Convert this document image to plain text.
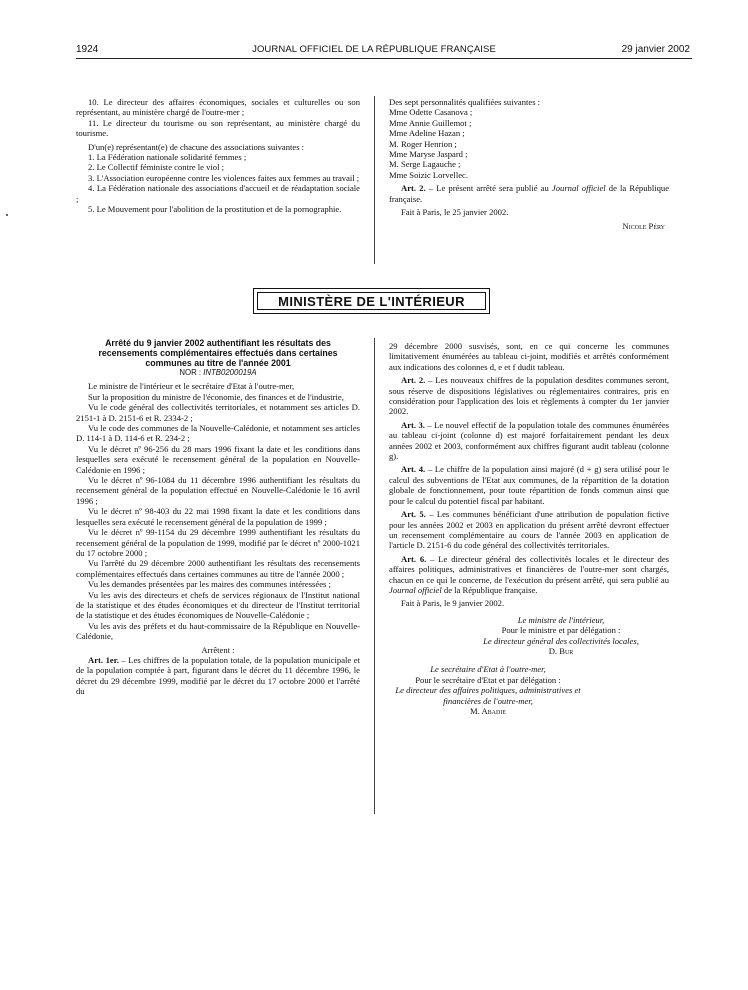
1924	JOURNAL OFFICIEL DE LA RÉPUBLIQUE FRANÇAISE	29 janvier 2002

10. Le directeur des affaires économiques, sociales et culturelles ou son représentant, au ministère chargé de l'outre-mer ;

11. Le directeur du tourisme ou son représentant, au ministère chargé du tourisme.

D'un(e) représentant(e) de chacune des associations suivantes :

1. La Fédération nationale solidarité femmes ;

2. Le Collectif féministe contre le viol ;

3. L'Association européenne contre les violences faites aux femmes au travail ;

4. La Fédération nationale des associations d'accueil et de réadaptation sociale ;

5. Le Mouvement pour l'abolition de la prostitution et de la pornographie.

Des sept personnalités qualifiées suivantes :

Mme Odette Casanova ;

Mme Annie Guillemot ;

Mme Adeline Hazan ;

M. Roger Henrion ;

Mme Maryse Jaspard ;

M. Serge Lagauche ;

Mme Soizic Lorvellec.

Art. 2. – Le présent arrêté sera publié au Journal officiel de la République française.

Fait à Paris, le 25 janvier 2002.

Nicole Péry

MINISTÈRE DE L'INTÉRIEUR

Arrêté du 9 janvier 2002 authentifiant les résultats des recensements complémentaires effectués dans certaines communes au titre de l'année 2001

NOR : INTB0200019A

Le ministre de l'intérieur et le secrétaire d'Etat à l'outre-mer,

Sur la proposition du ministre de l'économie, des finances et de l'industrie,

Vu le code général des collectivités territoriales, et notamment ses articles D. 2151-1 à D. 2151-6 et R. 2334-2 ;

Vu le code des communes de la Nouvelle-Calédonie, et notamment ses articles D. 114-1 à D. 114-6 et R. 234-2 ;

Vu le décret nº 96-256 du 28 mars 1996 fixant la date et les conditions dans lesquelles sera exécuté le recensement général de la population en Nouvelle-Calédonie en 1996 ;

Vu le décret nº 96-1084 du 11 décembre 1996 authentifiant les résultats du recensement général de la population effectué en Nouvelle-Calédonie le 16 avril 1996 ;

Vu le décret nº 98-403 du 22 mai 1998 fixant la date et les conditions dans lesquelles sera exécuté le recensement général de la population de 1999 ;

Vu le décret nº 99-1154 du 29 décembre 1999 authentifiant les résultats du recensement général de la population de 1999, modifié par le décret nº 2000-1021 du 17 octobre 2000 ;

Vu l'arrêté du 29 décembre 2000 authentifiant les résultats des recensements complémentaires effectués dans certaines communes au titre de l'année 2000 ;

Vu les demandes présentées par les maires des communes intéressées ;

Vu les avis des directeurs et chefs de services régionaux de l'Institut national de la statistique et des études économiques et du directeur de l'Institut territorial de la statistique et des études économiques de Nouvelle-Calédonie ;

Vu les avis des préfets et du haut-commissaire de la République en Nouvelle-Calédonie,

Arrêtent :

Art. 1er. – Les chiffres de la population totale, de la population municipale et de la population comptée à part, figurant dans le décret du 11 décembre 1996, le décret du 29 décembre 1999, modifié par le décret du 17 octobre 2000 et l'arrêté du

29 décembre 2000 susvisés, sont, en ce qui concerne les communes limitativement énumérées au tableau ci-joint, modifiés et arrêtés conformément aux indications des colonnes d, e et f dudit tableau.

Art. 2. – Les nouveaux chiffres de la population desdites communes seront, sous réserve de dispositions législatives ou réglementaires contraires, pris en considération pour l'application des lois et règlements à compter du 1er janvier 2002.

Art. 3. – Le nouvel effectif de la population totale des communes énumérées au tableau ci-joint (colonne d) est majoré forfaitairement pendant les deux années 2002 et 2003, conformément aux chiffres figurant audit tableau (colonne g).

Art. 4. – Le chiffre de la population ainsi majoré (d + g) sera utilisé pour le calcul des subventions de l'Etat aux communes, de la répartition de la dotation globale de fonctionnement, pour toute répartition de fonds commun ainsi que pour le calcul du potentiel fiscal par habitant.

Art. 5. – Les communes bénéficiant d'une attribution de population fictive pour les années 2002 et 2003 en application du présent arrêté devront effectuer un recensement complémentaire au cours de l'année 2003 en application de l'article D. 2151-6 du code général des collectivités territoriales.

Art. 6. – Le directeur général des collectivités locales et le directeur des affaires politiques, administratives et financières de l'outre-mer sont chargés, chacun en ce qui le concerne, de l'exécution du présent arrêté, qui sera publié au Journal officiel de la République française.

Fait à Paris, le 9 janvier 2002.

Le ministre de l'intérieur,

Pour le ministre et par délégation :

Le directeur général des collectivités locales,

D. Bur

Le secrétaire d'Etat à l'outre-mer,

Pour le secrétaire d'Etat et par délégation :

Le directeur des affaires politiques, administratives et financières de l'outre-mer,

M. Abadie
